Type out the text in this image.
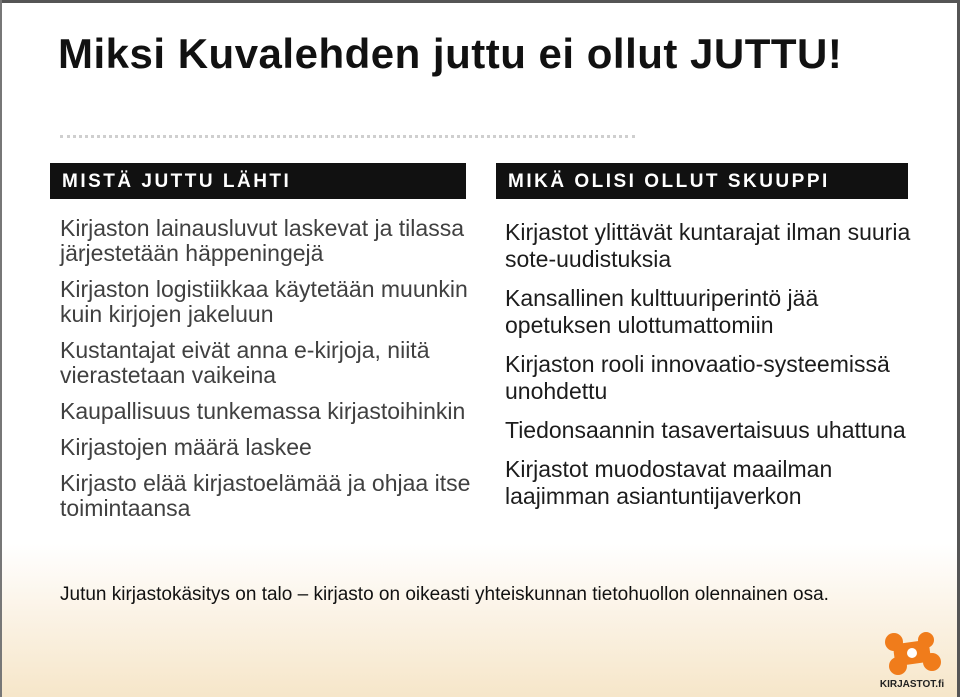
Miksi Kuvalehden juttu ei ollut JUTTU!
MISTÄ JUTTU LÄHTI	MIKÄ OLISI OLLUT SKUUPPI
Kirjaston lainausluvut laskevat ja tilassa järjestetään häppeningejä
Kirjaston logistiikkaa käytetään muunkin kuin kirjojen jakeluun
Kustantajat eivät anna e-kirjoja, niitä vierastetaan vaikeina
Kaupallisuus tunkemassa kirjastoihinkin
Kirjastojen määrä laskee
Kirjasto elää kirjastoelämää ja ohjaa itse toimintaansa
Kirjastot ylittävät kuntarajat ilman suuria sote-uudistuksia
Kansallinen kulttuuriperintö jää opetuksen ulottumattomiin
Kirjaston rooli innovaatio-systeemissä unohdettu
Tiedonsaannin tasavertaisuus uhattuna
Kirjastot muodostavat maailman laajimman asiantuntijaverkon
Jutun kirjastokäsitys on talo – kirjasto on oikeasti yhteiskunnan tietohuollon olennainen osa.
KIRJASTOT.fi
